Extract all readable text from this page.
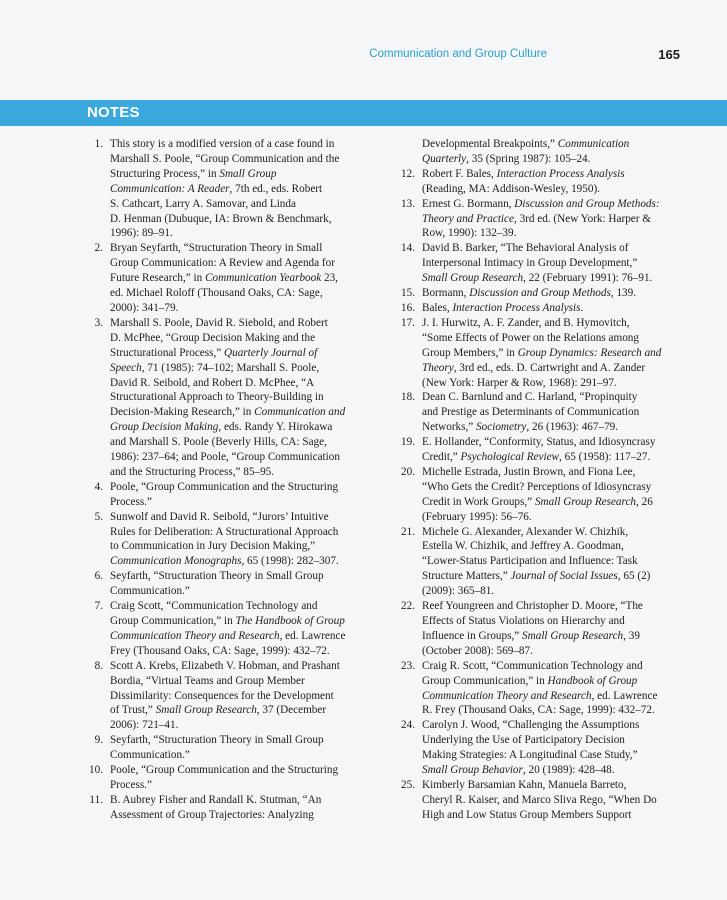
Communication and Group Culture	165
NOTES
1. This story is a modified version of a case found in
Marshall S. Poole, “Group Communication and the
Structuring Process,” in Small Group
Communication: A Reader, 7th ed., eds. Robert
S. Cathcart, Larry A. Samovar, and Linda
D. Henman (Dubuque, IA: Brown & Benchmark,
1996): 89–91.
2. Bryan Seyfarth, “Structuration Theory in Small
Group Communication: A Review and Agenda for
Future Research,” in Communication Yearbook 23,
ed. Michael Roloff (Thousand Oaks, CA: Sage,
2000): 341–79.
3. Marshall S. Poole, David R. Siebold, and Robert
D. McPhee, “Group Decision Making and the
Structurational Process,” Quarterly Journal of
Speech, 71 (1985): 74–102; Marshall S. Poole,
David R. Seibold, and Robert D. McPhee, “A
Structurational Approach to Theory-Building in
Decision-Making Research,” in Communication and
Group Decision Making, eds. Randy Y. Hirokawa
and Marshall S. Poole (Beverly Hills, CA: Sage,
1986): 237–64; and Poole, “Group Communication
and the Structuring Process,” 85–95.
4. Poole, “Group Communication and the Structuring
Process.”
5. Sunwolf and David R. Seibold, “Jurors’ Intuitive
Rules for Deliberation: A Structurational Approach
to Communication in Jury Decision Making,”
Communication Monographs, 65 (1998): 282–307.
6. Seyfarth, “Structuration Theory in Small Group
Communication.”
7. Craig Scott, “Communication Technology and
Group Communication,” in The Handbook of Group
Communication Theory and Research, ed. Lawrence
Frey (Thousand Oaks, CA: Sage, 1999): 432–72.
8. Scott A. Krebs, Elizabeth V. Hobman, and Prashant
Bordia, “Virtual Teams and Group Member
Dissimilarity: Consequences for the Development
of Trust,” Small Group Research, 37 (December
2006): 721–41.
9. Seyfarth, “Structuration Theory in Small Group
Communication.”
10. Poole, “Group Communication and the Structuring
Process.”
11. B. Aubrey Fisher and Randall K. Stutman, “An
Assessment of Group Trajectories: Analyzing
Developmental Breakpoints,” Communication
Quarterly, 35 (Spring 1987): 105–24.
12. Robert F. Bales, Interaction Process Analysis
(Reading, MA: Addison-Wesley, 1950).
13. Ernest G. Bormann, Discussion and Group Methods:
Theory and Practice, 3rd ed. (New York: Harper &
Row, 1990): 132–39.
14. David B. Barker, “The Behavioral Analysis of
Interpersonal Intimacy in Group Development,”
Small Group Research, 22 (February 1991): 76–91.
15. Bormann, Discussion and Group Methods, 139.
16. Bales, Interaction Process Analysis.
17. J. I. Hurwitz, A. F. Zander, and B. Hymovitch,
“Some Effects of Power on the Relations among
Group Members,” in Group Dynamics: Research and
Theory, 3rd ed., eds. D. Cartwright and A. Zander
(New York: Harper & Row, 1968): 291–97.
18. Dean C. Barnlund and C. Harland, “Propinquity
and Prestige as Determinants of Communication
Networks,” Sociometry, 26 (1963): 467–79.
19. E. Hollander, “Conformity, Status, and Idiosyncrasy
Credit,” Psychological Review, 65 (1958): 117–27.
20. Michelle Estrada, Justin Brown, and Fiona Lee,
“Who Gets the Credit? Perceptions of Idiosyncrasy
Credit in Work Groups,” Small Group Research, 26
(February 1995): 56–76.
21. Michele G. Alexander, Alexander W. Chizhik,
Estella W. Chizhik, and Jeffrey A. Goodman,
“Lower-Status Participation and Influence: Task
Structure Matters,” Journal of Social Issues, 65 (2)
(2009): 365–81.
22. Reef Youngreen and Christopher D. Moore, “The
Effects of Status Violations on Hierarchy and
Influence in Groups,” Small Group Research, 39
(October 2008): 569–87.
23. Craig R. Scott, “Communication Technology and
Group Communication,” in Handbook of Group
Communication Theory and Research, ed. Lawrence
R. Frey (Thousand Oaks, CA: Sage, 1999): 432–72.
24. Carolyn J. Wood, “Challenging the Assumptions
Underlying the Use of Participatory Decision
Making Strategies: A Longitudinal Case Study,”
Small Group Behavior, 20 (1989): 428–48.
25. Kimberly Barsamian Kahn, Manuela Barreto,
Cheryl R. Kaiser, and Marco Sliva Rego, “When Do
High and Low Status Group Members Support
